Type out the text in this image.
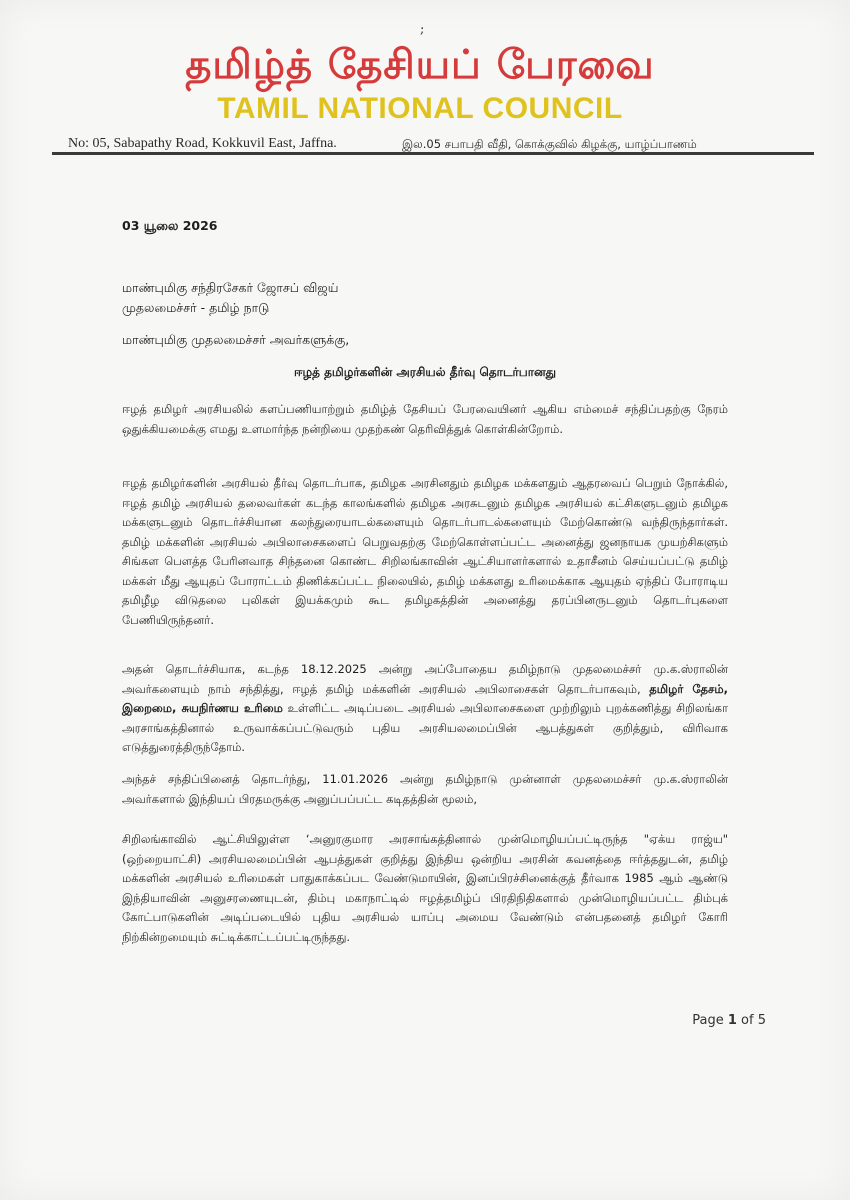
;
தமிழ்த் தேசியப் பேரவை
TAMIL NATIONAL COUNCIL
No: 05, Sabapathy Road, Kokkuvil East, Jaffna.	இல.05 சபாபதி வீதி, கொக்குவில் கிழக்கு, யாழ்ப்பாணம்
03 யூலை 2026
மாண்புமிகு சந்திரசேகர் ஜோசப் விஜய்
முதலமைச்சர் - தமிழ் நாடு
மாண்புமிகு முதலமைச்சர் அவர்களுக்கு,
ஈழத் தமிழர்களின் அரசியல் தீர்வு தொடர்பானது
ஈழத் தமிழர் அரசியலில் களப்பணியாற்றும் தமிழ்த் தேசியப் பேரவையினர் ஆகிய எம்மைச் சந்திப்பதற்கு நேரம் ஒதுக்கியமைக்கு எமது உளமார்ந்த நன்றியை முதற்கண் தெரிவித்துக் கொள்கின்றோம்.
ஈழத் தமிழர்களின் அரசியல் தீர்வு தொடர்பாக, தமிழக அரசினதும் தமிழக மக்களதும் ஆதரவைப் பெறும் நோக்கில், ஈழத் தமிழ் அரசியல் தலைவர்கள் கடந்த காலங்களில் தமிழக அரசுடனும் தமிழக அரசியல் கட்சிகளுடனும் தமிழக மக்களுடனும் தொடர்ச்சியான கலந்துரையாடல்களையும் தொடர்பாடல்களையும் மேற்கொண்டு வந்திருந்தார்கள். தமிழ் மக்களின் அரசியல் அபிலாசைகளைப் பெறுவதற்கு மேற்கொள்ளப்பட்ட அனைத்து ஜனநாயக முயற்சிகளும் சிங்கள பௌத்த பேரினவாத சிந்தனை கொண்ட சிறிலங்காவின் ஆட்சியாளர்களால் உதாசீனம் செய்யப்பட்டு தமிழ் மக்கள் மீது ஆயுதப் போராட்டம் திணிக்கப்பட்ட நிலையில், தமிழ் மக்களது உரிமைக்காக ஆயுதம் ஏந்திப் போராடிய தமிழீழ விடுதலை புலிகள் இயக்கமும் கூட தமிழகத்தின் அனைத்து தரப்பினருடனும் தொடர்புகளை பேணியிருந்தனர்.
அதன் தொடர்ச்சியாக, கடந்த 18.12.2025 அன்று அப்போதைய தமிழ்நாடு முதலமைச்சர் மு.க.ஸ்ராலின் அவர்களையும் நாம் சந்தித்து, ஈழத் தமிழ் மக்களின் அரசியல் அபிலாசைகள் தொடர்பாகவும், தமிழர் தேசம், இறைமை, சுயநிர்ணய உரிமை உள்ளிட்ட அடிப்படை அரசியல் அபிலாசைகளை முற்றிலும் புறக்கணித்து சிறிலங்கா அரசாங்கத்தினால் உருவாக்கப்பட்டுவரும் புதிய அரசியலமைப்பின் ஆபத்துகள் குறித்தும், விரிவாக எடுத்துரைத்திருந்தோம்.
அந்தச் சந்திப்பினைத் தொடர்ந்து, 11.01.2026 அன்று தமிழ்நாடு முன்னாள் முதலமைச்சர் மு.க.ஸ்ராலின் அவர்களால் இந்தியப் பிரதமருக்கு அனுப்பப்பட்ட கடிதத்தின் மூலம்,
சிறிலங்காவில் ஆட்சியிலுள்ள ‘அனுரகுமார அரசாங்கத்தினால் முன்மொழியப்பட்டிருந்த "ஏக்ய ராஜ்ய" (ஒற்றையாட்சி) அரசியலமைப்பின் ஆபத்துகள் குறித்து இந்திய ஒன்றிய அரசின் கவனத்தை ஈர்த்ததுடன், தமிழ் மக்களின் அரசியல் உரிமைகள் பாதுகாக்கப்பட வேண்டுமாயின், இனப்பிரச்சினைக்குத் தீர்வாக 1985 ஆம் ஆண்டு இந்தியாவின் அனுசரணையுடன், திம்பு மகாநாட்டில் ஈழத்தமிழ்ப் பிரதிநிதிகளால் முன்மொழியப்பட்ட திம்புக் கோட்பாடுகளின் அடிப்படையில் புதிய அரசியல் யாப்பு அமைய வேண்டும் என்பதனைத் தமிழர் கோரி நிற்கின்றமையும் சுட்டிக்காட்டப்பட்டிருந்தது.
Page 1 of 5
